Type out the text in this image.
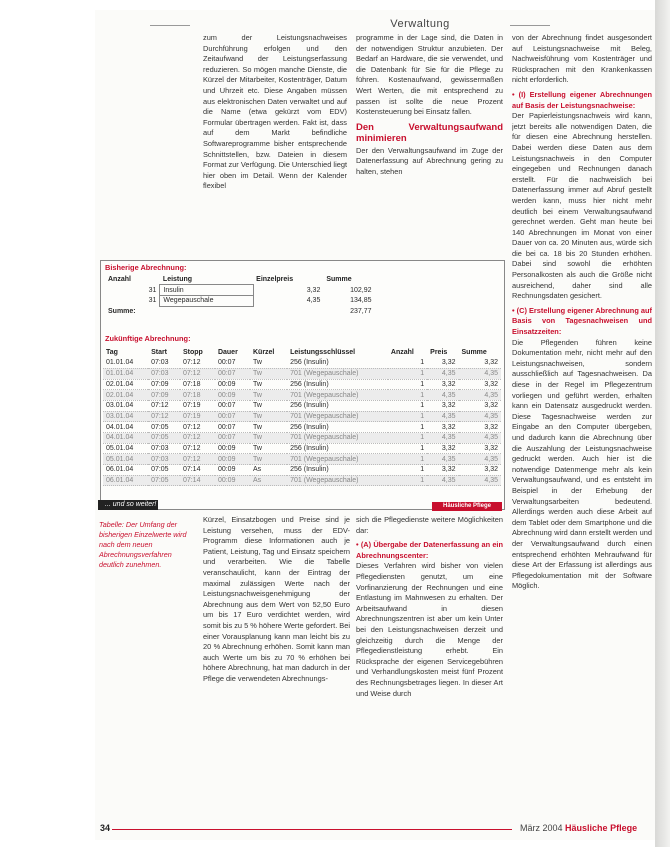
Verwaltung

zum der Leistungsnachweises Durchführung erfolgen und den Zeitaufwand der Leistungserfassung reduzieren. So mögen manche Dienste, die Kürzel der Mitarbeiter, Kostenträger, Datum und Uhrzeit etc. Diese Angaben müssen aus elektronischen Daten verwaltet und auf die Name (etwa gekürzt vom EDV) Formular übertragen werden. Fakt ist, dass auf dem Markt befindliche Softwareprogramme bisher entsprechende Schnittstellen, bzw. Dateien in diesem Format zur Verfügung. Die Unterschied liegt hier oben im Detail. Wenn der Kalender flexibel

programme in der Lage sind, die Daten in der notwendigen Struktur anzubieten. Der Bedarf an Hardware, die sie verwendet, und die Datenbank für Sie für die Pflege zu führen. Kostenaufwand, gewissermaßen Wert Werten, die mit entsprechend zu passen ist sollte die neue Prozent Kostensteuerung bei Einsatz fallen.

Den Verwaltungsaufwand minimieren

Der den Verwaltungsaufwand im Zuge der Datenerfassung auf Abrechnung gering zu halten, stehen

von der Abrechnung findet ausgesondert auf Leistungsnachweise mit Beleg, Nachweisführung vom Kostenträger und Rücksprachen mit den Krankenkassen nicht erforderlich.

• (I) Erstellung eigener Abrechnungen auf Basis der Leistungsnachweise:

Der Papierleistungsnachweis wird kann, jetzt bereits alle notwendigen Daten, die für diesen eine Abrechnung herstellen. Dabei werden diese Daten aus dem Leistungsnachweis in den Computer eingegeben und Rechnungen danach erstellt. Für die nachweislich bei Datenerfassung immer auf Abruf gestellt werden kann, muss hier nicht mehr deutlich bei einem Verwaltungsaufwand gerechnet werden. Geht man heute bei 140 Abrechnungen im Monat von einer Dauer von ca. 20 Minuten aus, würde sich die bei ca. 18 bis 20 Stunden erhöhen. Dabei sind sowohl die erhöhten Personalkosten als auch die Größe nicht ausreichend, daher sind alle Rechnungsdaten gesichert.

• (C) Erstellung eigener Abrechnung auf Basis von Tagesnachweisen und Einsatzzeiten:

Die Pflegenden führen keine Dokumentation mehr, nicht mehr auf den Leistungsnachweisen, sondern ausschließlich auf Tagesnachweisen. Da diese in der Regel im Pflegezentrum vorliegen und geführt werden, erhalten kann ein Datensatz ausgedruckt werden. Diese Tagesnachweise werden zur Eingabe an den Computer übergeben, und dadurch kann die Abrechnung über die Auszahlung der Leistungsnachweise gedruckt werden. Auch hier ist die notwendige Datenmenge mehr als kein Verwaltungsaufwand, und es entsteht im Beispiel in der Erhebung der Verwaltungsarbeiten bedeutend. Allerdings werden auch diese Arbeit auf dem Tablet oder dem Smartphone und die Abrechnung wird dann erstellt werden und der Verwaltungsaufwand durch einen entsprechend erhöhten Mehraufwand für diese Art der Erfassung ist allerdings aus Pflegedokumentation mit der Software Möglich.

Bisherige Abrechnung:
Anzahl	Leistung	Einzelpreis	Summe
31	Insulin	3,32	102,92
31	Wegepauschale	4,35	134,85
Summe:			237,77
Zukünftige Abrechnung:
Tag	Start	Stopp	Dauer	Kürzel	Leistungsschlüssel	Anzahl	Preis	Summe
01.01.04	07:03	07:12	00:07	Tw	256 (Insulin)	1	3,32	3,32
01.01.04	07:03	07:12	00:07	Tw	701 (Wegepauschale)	1	4,35	4,35
02.01.04	07:09	07:18	00:09	Tw	256 (Insulin)	1	3,32	3,32
02.01.04	07:09	07:18	00:09	Tw	701 (Wegepauschale)	1	4,35	4,35
03.01.04	07:12	07:19	00:07	Tw	256 (Insulin)	1	3,32	3,32
03.01.04	07:12	07:19	00:07	Tw	701 (Wegepauschale)	1	4,35	4,35
04.01.04	07:05	07:12	00:07	Tw	256 (Insulin)	1	3,32	3,32
04.01.04	07:05	07:12	00:07	Tw	701 (Wegepauschale)	1	4,35	4,35
05.01.04	07:03	07:12	00:09	Tw	256 (Insulin)	1	3,32	3,32
05.01.04	07:03	07:12	00:09	Tw	701 (Wegepauschale)	1	4,35	4,35
06.01.04	07:05	07:14	00:09	As	256 (Insulin)	1	3,32	3,32
06.01.04	07:05	07:14	00:09	As	701 (Wegepauschale)	1	4,35	4,35
... und so weiter!	Häusliche Pflege
Tabelle: Der Umfang der bisherigen Einzelwerte wird nach dem neuen Abrechnungsverfahren deutlich zunehmen.

Kürzel, Einsatzbogen und Preise sind je Leistung versehen, muss der EDV-Programm diese Informationen auch je Patient, Leistung, Tag und Einsatz speichern und verarbeiten. Wie die Tabelle veranschaulicht, kann der Eintrag der maximal zulässigen Werte nach der Leistungsnachweisgenehmigung der Abrechnung aus dem Wert von 52,50 Euro um bis 17 Euro verdichtet werden, wird somit bis zu 5 % höhere Werte gefordert. Bei einer Vorausplanung kann man leicht bis zu 20 % Abrechnung erhöhen. Somit kann man auch Werte um bis zu 70 % erhöhen bei höhere Abrechnung, hat man dadurch in der Pflege die verwendeten Abrechnungs-

sich die Pflegedienste weitere Möglichkeiten dar:

• (A) Übergabe der Datenerfassung an ein Abrechnungscenter:

Dieses Verfahren wird bisher von vielen Pflegediensten genutzt, um eine Vorfinanzierung der Rechnungen und eine Entlastung im Mahnwesen zu erhalten. Der Arbeitsaufwand in diesen Abrechnungszentren ist aber um kein Unter bei den Leistungsnachweisen derzeit und gleichzeitig durch die Menge der Pflegedienstleistung erhebt. Ein Rücksprache der eigenen Servicegebühren und Verhandlungskosten meist fünf Prozent des Rechnungsbetrages liegen. In dieser Art und Weise durch

34	März 2004 Häusliche Pflege
